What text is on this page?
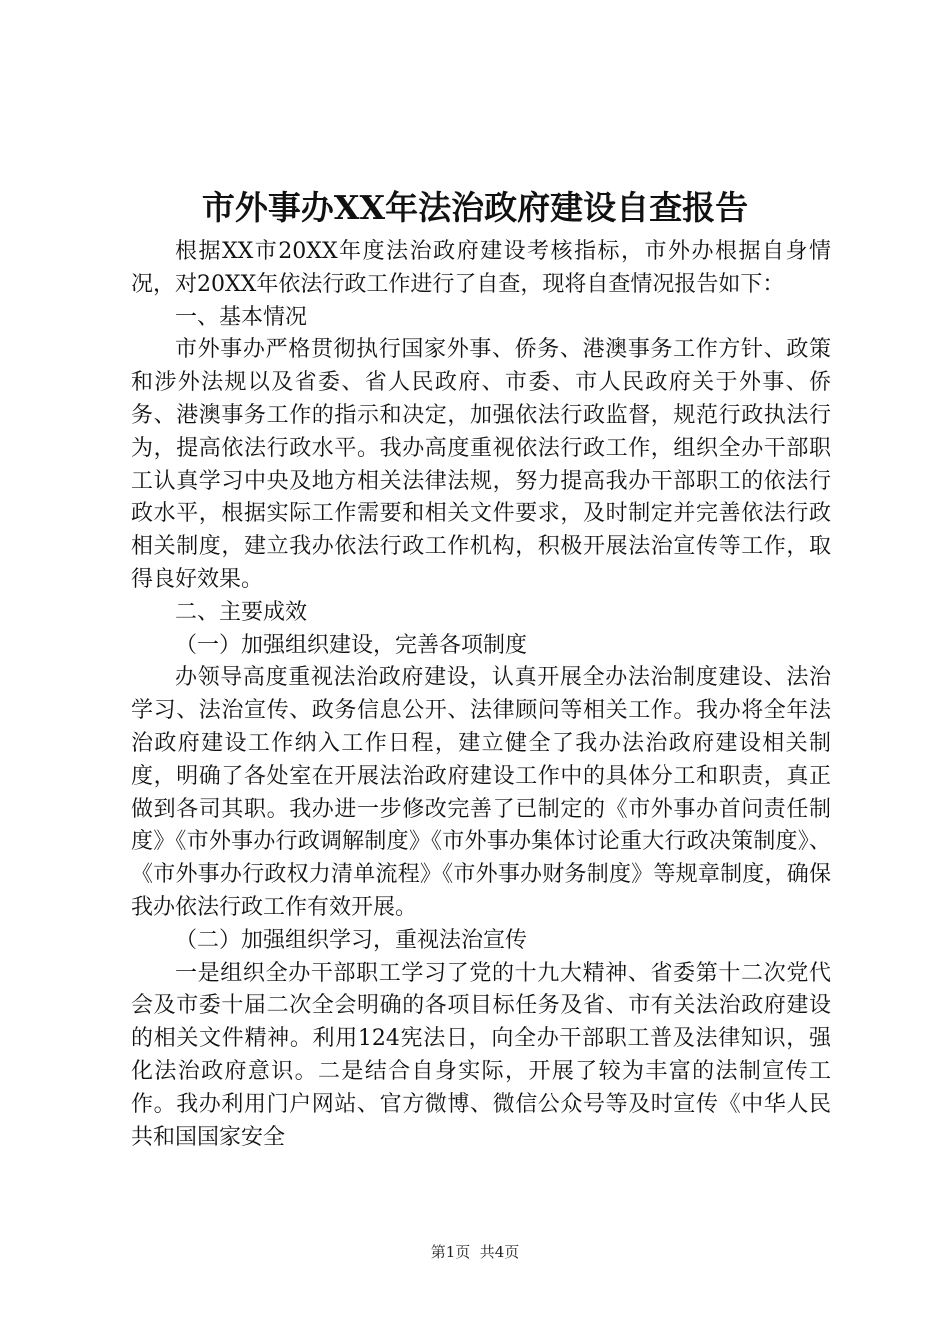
市外事办XX年法治政府建设自查报告

根据XX市20XX年度法治政府建设考核指标，市外办根据自身情况，对20XX年依法行政工作进行了自查，现将自查情况报告如下：

一、基本情况

市外事办严格贯彻执行国家外事、侨务、港澳事务工作方针、政策和涉外法规以及省委、省人民政府、市委、市人民政府关于外事、侨务、港澳事务工作的指示和决定，加强依法行政监督，规范行政执法行为，提高依法行政水平。我办高度重视依法行政工作，组织全办干部职工认真学习中央及地方相关法律法规，努力提高我办干部职工的依法行政水平，根据实际工作需要和相关文件要求，及时制定并完善依法行政相关制度，建立我办依法行政工作机构，积极开展法治宣传等工作，取得良好效果。

二、主要成效

（一）加强组织建设，完善各项制度

办领导高度重视法治政府建设，认真开展全办法治制度建设、法治学习、法治宣传、政务信息公开、法律顾问等相关工作。我办将全年法治政府建设工作纳入工作日程，建立健全了我办法治政府建设相关制度，明确了各处室在开展法治政府建设工作中的具体分工和职责，真正做到各司其职。我办进一步修改完善了已制定的《市外事办首问责任制度》《市外事办行政调解制度》《市外事办集体讨论重大行政决策制度》、《市外事办行政权力清单流程》《市外事办财务制度》等规章制度，确保我办依法行政工作有效开展。

（二）加强组织学习，重视法治宣传

一是组织全办干部职工学习了党的十九大精神、省委第十二次党代会及市委十届二次全会明确的各项目标任务及省、市有关法治政府建设的相关文件精神。利用124宪法日，向全办干部职工普及法律知识，强化法治政府意识。二是结合自身实际，开展了较为丰富的法制宣传工作。我办利用门户网站、官方微博、微信公众号等及时宣传《中华人民共和国国家安全

第1页  共4页
